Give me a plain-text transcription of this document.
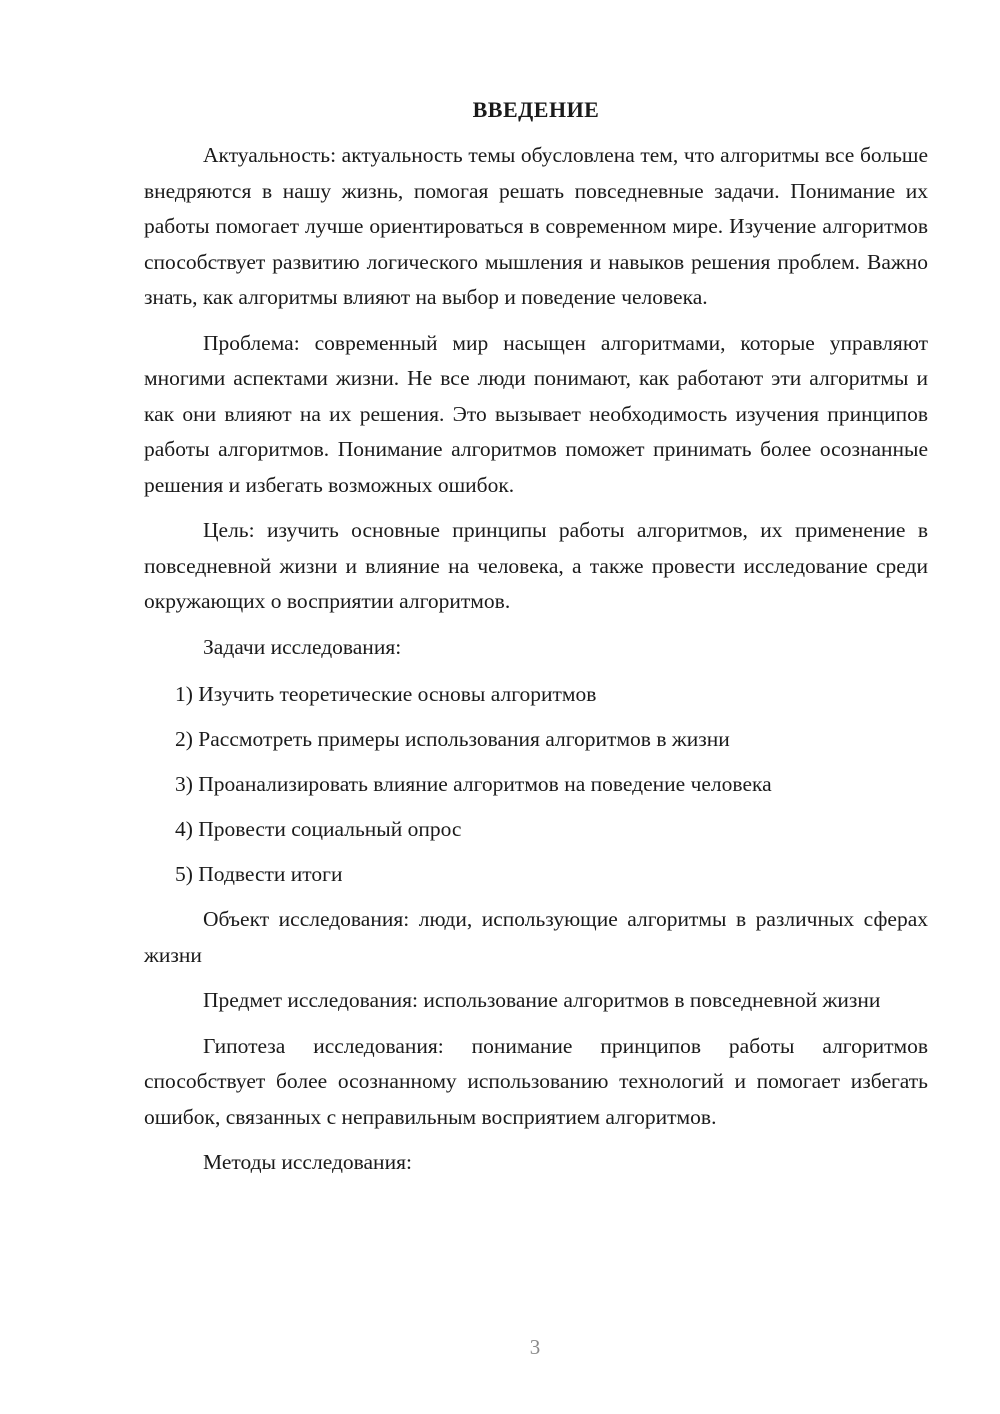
ВВЕДЕНИЕ

Актуальность: актуальность темы обусловлена тем, что алгоритмы все больше внедряются в нашу жизнь, помогая решать повседневные задачи. Понимание их работы помогает лучше ориентироваться в современном мире. Изучение алгоритмов способствует развитию логического мышления и навыков решения проблем. Важно знать, как алгоритмы влияют на выбор и поведение человека.

Проблема: современный мир насыщен алгоритмами, которые управляют многими аспектами жизни. Не все люди понимают, как работают эти алгоритмы и как они влияют на их решения. Это вызывает необходимость изучения принципов работы алгоритмов. Понимание алгоритмов поможет принимать более осознанные решения и избегать возможных ошибок.

Цель: изучить основные принципы работы алгоритмов, их применение в повседневной жизни и влияние на человека, а также провести исследование среди окружающих о восприятии алгоритмов.

Задачи исследования:

1) Изучить теоретические основы алгоритмов
2) Рассмотреть примеры использования алгоритмов в жизни
3) Проанализировать влияние алгоритмов на поведение человека
4) Провести социальный опрос
5) Подвести итоги

Объект исследования: люди, использующие алгоритмы в различных сферах жизни

Предмет исследования: использование алгоритмов в повседневной жизни

Гипотеза исследования: понимание принципов работы алгоритмов способствует более осознанному использованию технологий и помогает избегать ошибок, связанных с неправильным восприятием алгоритмов.

Методы исследования:

3
